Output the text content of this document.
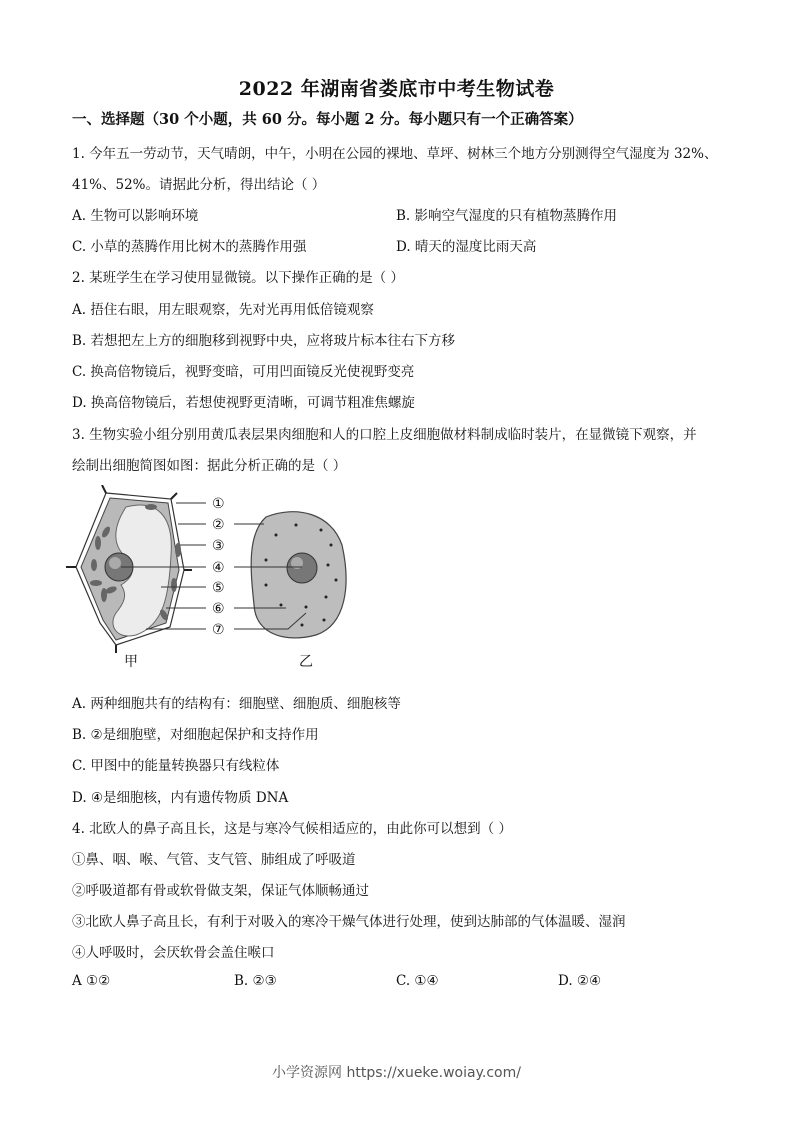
2022 年湖南省娄底市中考生物试卷
一、选择题（30 个小题，共 60 分。每小题 2 分。每小题只有一个正确答案）
1. 今年五一劳动节，天气晴朗，中午，小明在公园的裸地、草坪、树林三个地方分别测得空气湿度为 32%、
41%、52%。请据此分析，得出结论（ ）
A. 生物可以影响环境	B. 影响空气湿度的只有植物蒸腾作用
C. 小草的蒸腾作用比树木的蒸腾作用强	D. 晴天的湿度比雨天高
2. 某班学生在学习使用显微镜。以下操作正确的是（ ）
A. 捂住右眼，用左眼观察，先对光再用低倍镜观察
B. 若想把左上方的细胞移到视野中央，应将玻片标本往右下方移
C. 换高倍物镜后，视野变暗，可用凹面镜反光使视野变亮
D. 换高倍物镜后，若想使视野更清晰，可调节粗准焦螺旋
3. 生物实验小组分别用黄瓜表层果肉细胞和人的口腔上皮细胞做材料制成临时装片，在显微镜下观察，并
绘制出细胞简图如图：据此分析正确的是（ ）
①
②
③
④
⑤
⑥
⑦
甲	乙
A. 两种细胞共有的结构有：细胞壁、细胞质、细胞核等
B. ②是细胞壁，对细胞起保护和支持作用
C. 甲图中的能量转换器只有线粒体
D. ④是细胞核，内有遗传物质 DNA
4. 北欧人的鼻子高且长，这是与寒冷气候相适应的，由此你可以想到（ ）
①鼻、咽、喉、气管、支气管、肺组成了呼吸道
②呼吸道都有骨或软骨做支架，保证气体顺畅通过
③北欧人鼻子高且长，有利于对吸入的寒冷干燥气体进行处理，使到达肺部的气体温暖、湿润
④人呼吸时，会厌软骨会盖住喉口
A ①②	B. ②③	C. ①④	D. ②④
小学资源网 https://xueke.woiay.com/
